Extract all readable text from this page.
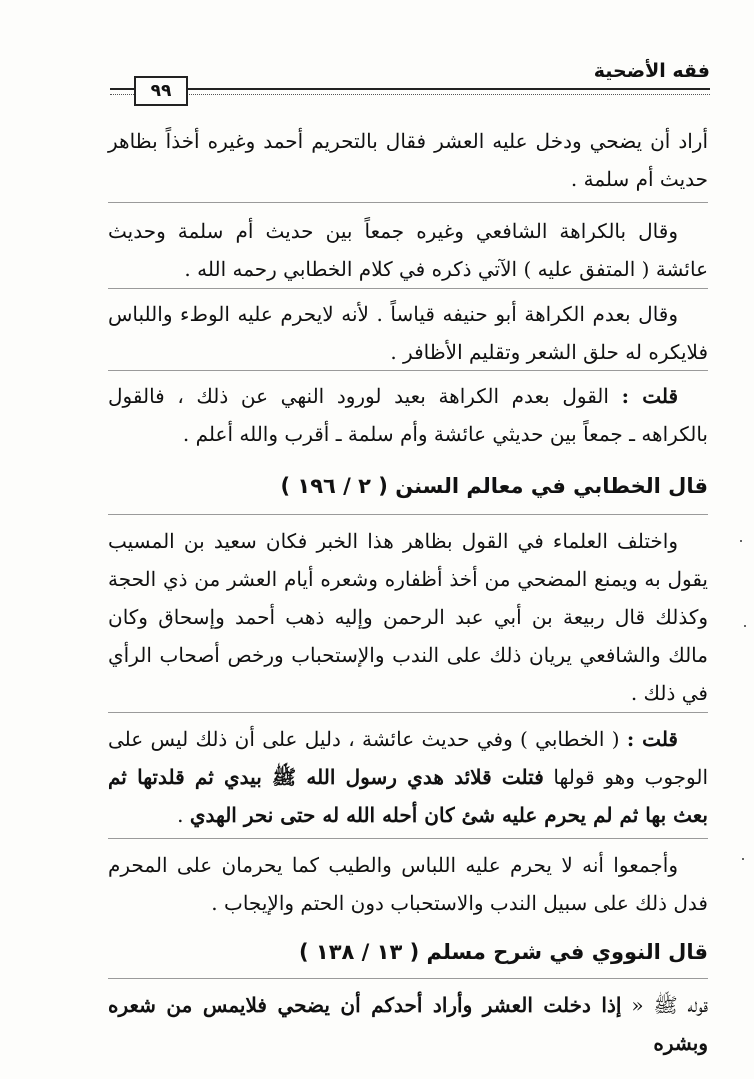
فقه الأضحية
٩٩
أراد أن يضحي ودخل عليه العشر فقال بالتحريم أحمد وغيره أخذاً بظاهر حديث أم سلمة .
وقال بالكراهة الشافعي وغيره جمعاً بين حديث أم سلمة وحديث عائشة ( المتفق عليه ) الآتي ذكره في كلام الخطابي رحمه الله .
وقال بعدم الكراهة أبو حنيفه قياساً . لأنه لايحرم عليه الوطء واللباس فلايكره له حلق الشعر وتقليم الأظافر .
قلت : القول بعدم الكراهة بعيد لورود النهي عن ذلك ، فالقول بالكراهه ـ جمعاً بين حديثي عائشة وأم سلمة ـ أقرب والله أعلم .
قال الخطابي في معالم السنن ( ٢ / ١٩٦ )
واختلف العلماء في القول بظاهر هذا الخبر فكان سعيد بن المسيب يقول به ويمنع المضحي من أخذ أظفاره وشعره أيام العشر من ذي الحجة وكذلك قال ربيعة بن أبي عبد الرحمن وإليه ذهب أحمد وإسحاق وكان مالك والشافعي يريان ذلك على الندب والإستحباب ورخص أصحاب الرأي في ذلك .
قلت : ( الخطابي ) وفي حديث عائشة ، دليل على أن ذلك ليس على الوجوب وهو قولها فتلت قلائد هدي رسول الله ﷺ بيدي ثم قلدتها ثم بعث بها ثم لم يحرم عليه شئ كان أحله الله له حتى نحر الهدي .
وأجمعوا أنه لا يحرم عليه اللباس والطيب كما يحرمان على المحرم فدل ذلك على سبيل الندب والاستحباب دون الحتم والإيجاب .
قال النووي في شرح مسلم ( ١٣ / ١٣٨ )
قوله ﷺ « إذا دخلت العشر وأراد أحدكم أن يضحي فلايمس من شعره وبشره
